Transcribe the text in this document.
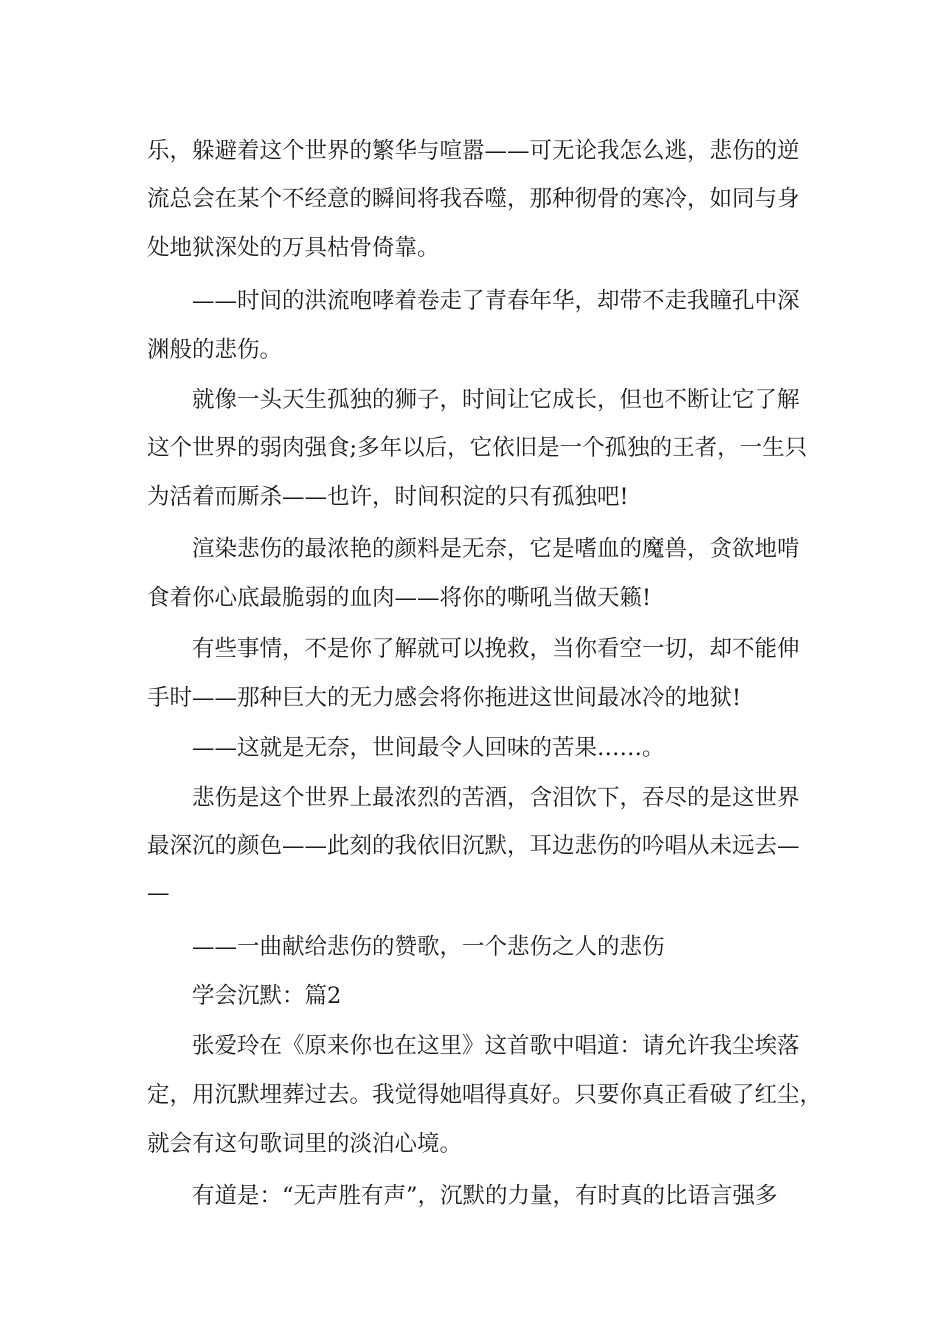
乐，躲避着这个世界的繁华与喧嚣——可无论我怎么逃，悲伤的逆
流总会在某个不经意的瞬间将我吞噬，那种彻骨的寒冷，如同与身
处地狱深处的万具枯骨倚靠。
——时间的洪流咆哮着卷走了青春年华，却带不走我瞳孔中深
渊般的悲伤。
就像一头天生孤独的狮子，时间让它成长，但也不断让它了解
这个世界的弱肉强食;多年以后，它依旧是一个孤独的王者，一生只
为活着而厮杀——也许，时间积淀的只有孤独吧!
渲染悲伤的最浓艳的颜料是无奈，它是嗜血的魔兽，贪欲地啃
食着你心底最脆弱的血肉——将你的嘶吼当做天籁!
有些事情，不是你了解就可以挽救，当你看空一切，却不能伸
手时——那种巨大的无力感会将你拖进这世间最冰冷的地狱!
——这就是无奈，世间最令人回味的苦果……。
悲伤是这个世界上最浓烈的苦酒，含泪饮下，吞尽的是这世界
最深沉的颜色——此刻的我依旧沉默，耳边悲伤的吟唱从未远去—
—
——一曲献给悲伤的赞歌，一个悲伤之人的悲伤
学会沉默：篇2
张爱玲在《原来你也在这里》这首歌中唱道：请允许我尘埃落
定，用沉默埋葬过去。我觉得她唱得真好。只要你真正看破了红尘，
就会有这句歌词里的淡泊心境。
有道是：“无声胜有声”，沉默的力量，有时真的比语言强多
